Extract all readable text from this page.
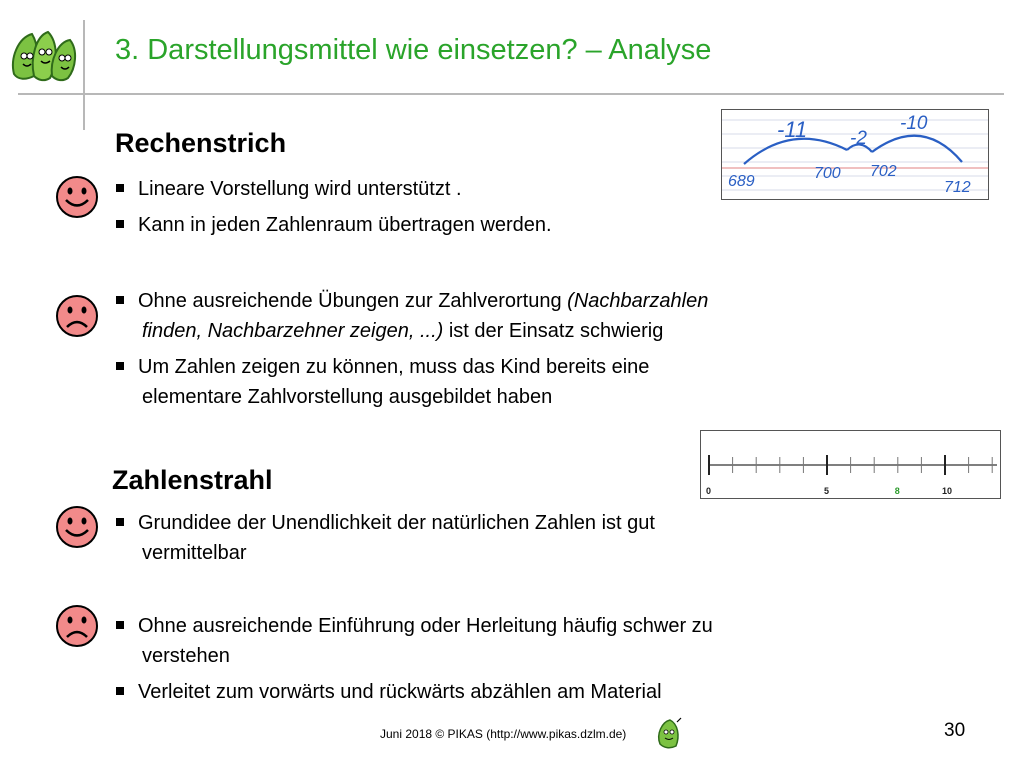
3. Darstellungsmittel wie einsetzen? – Analyse
Rechenstrich
Lineare Vorstellung wird unterstützt .
Kann in jeden Zahlenraum übertragen werden.
Ohne ausreichende Übungen zur Zahlverortung (Nachbarzahlen
finden, Nachbarzehner zeigen, ...) ist der Einsatz schwierig
Um Zahlen zeigen zu können, muss das Kind bereits eine
elementare Zahlvorstellung ausgebildet haben
-11 -2
-10
689	700 702
712
Zahlenstrahl	0	5	8	10
Grundidee der Unendlichkeit der natürlichen Zahlen ist gut
vermittelbar
Ohne ausreichende Einführung oder Herleitung häufig schwer zu
verstehen
Verleitet zum vorwärts und rückwärts abzählen am Material
Juni 2018 © PIKAS (http://www.pikas.dzlm.de)	30
